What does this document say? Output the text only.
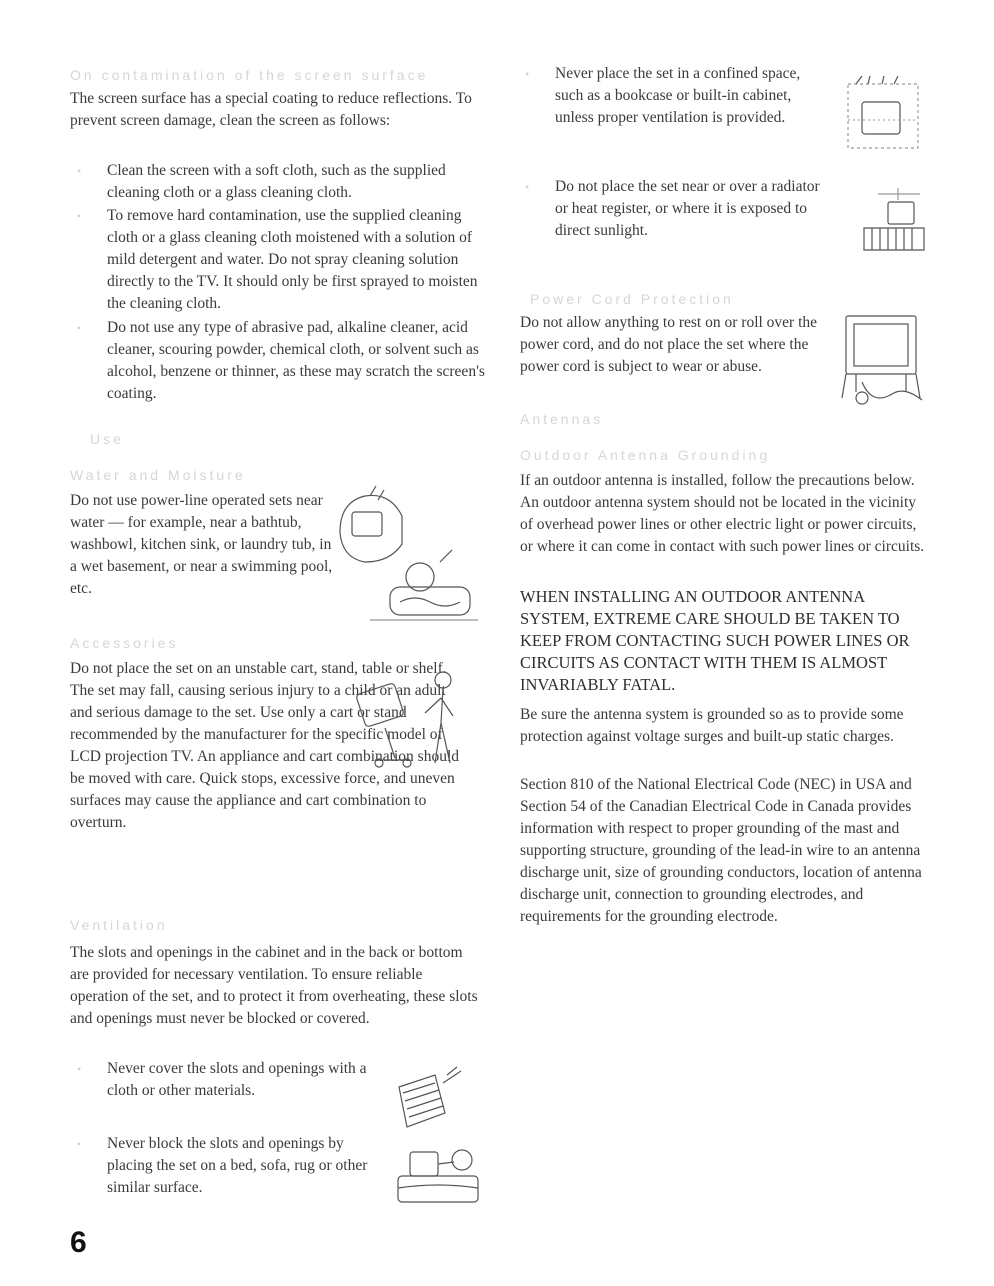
On contamination of the screen surface

The screen surface has a special coating to reduce reflections. To prevent screen damage, clean the screen as follows:

• Clean the screen with a soft cloth, such as the supplied cleaning cloth or a glass cleaning cloth.
• To remove hard contamination, use the supplied cleaning cloth or a glass cleaning cloth moistened with a solution of mild detergent and water. Do not spray cleaning solution directly to the TV. It should only be first sprayed to moisten the cleaning cloth.
• Do not use any type of abrasive pad, alkaline cleaner, acid cleaner, scouring powder, chemical cloth, or solvent such as alcohol, benzene or thinner, as these may scratch the screen's coating.
Use
Water and Moisture

Do not use power-line operated sets near water — for example, near a bathtub, washbowl, kitchen sink, or laundry tub, in a wet basement, or near a swimming pool, etc.

Accessories

Do not place the set on an unstable cart, stand, table or shelf. The set may fall, causing serious injury to a child or an adult and serious damage to the set. Use only a cart or stand recommended by the manufacturer for the specific model of LCD projection TV. An appliance and cart combination should be moved with care. Quick stops, excessive force, and uneven surfaces may cause the appliance and cart combination to overturn.

Ventilation

The slots and openings in the cabinet and in the back or bottom are provided for necessary ventilation. To ensure reliable operation of the set, and to protect it from overheating, these slots and openings must never be blocked or covered.

• Never cover the slots and openings with a cloth or other materials.
• Never block the slots and openings by placing the set on a bed, sofa, rug or other similar surface.
• Never place the set in a confined space, such as a bookcase or built-in cabinet, unless proper ventilation is provided.
• Do not place the set near or over a radiator or heat register, or where it is exposed to direct sunlight.
Power Cord Protection

Do not allow anything to rest on or roll over the power cord, and do not place the set where the power cord is subject to wear or abuse.

Antennas
Outdoor Antenna Grounding

If an outdoor antenna is installed, follow the precautions below. An outdoor antenna system should not be located in the vicinity of overhead power lines or other electric light or power circuits, or where it can come in contact with such power lines or circuits.

WHEN INSTALLING AN OUTDOOR ANTENNA SYSTEM, EXTREME CARE SHOULD BE TAKEN TO KEEP FROM CONTACTING SUCH POWER LINES OR CIRCUITS AS CONTACT WITH THEM IS ALMOST INVARIABLY FATAL.

Be sure the antenna system is grounded so as to provide some protection against voltage surges and built-up static charges.

Section 810 of the National Electrical Code (NEC) in USA and Section 54 of the Canadian Electrical Code in Canada provides information with respect to proper grounding of the mast and supporting structure, grounding of the lead-in wire to an antenna discharge unit, size of grounding conductors, location of antenna discharge unit, connection to grounding electrodes, and requirements for the grounding electrode.

6
